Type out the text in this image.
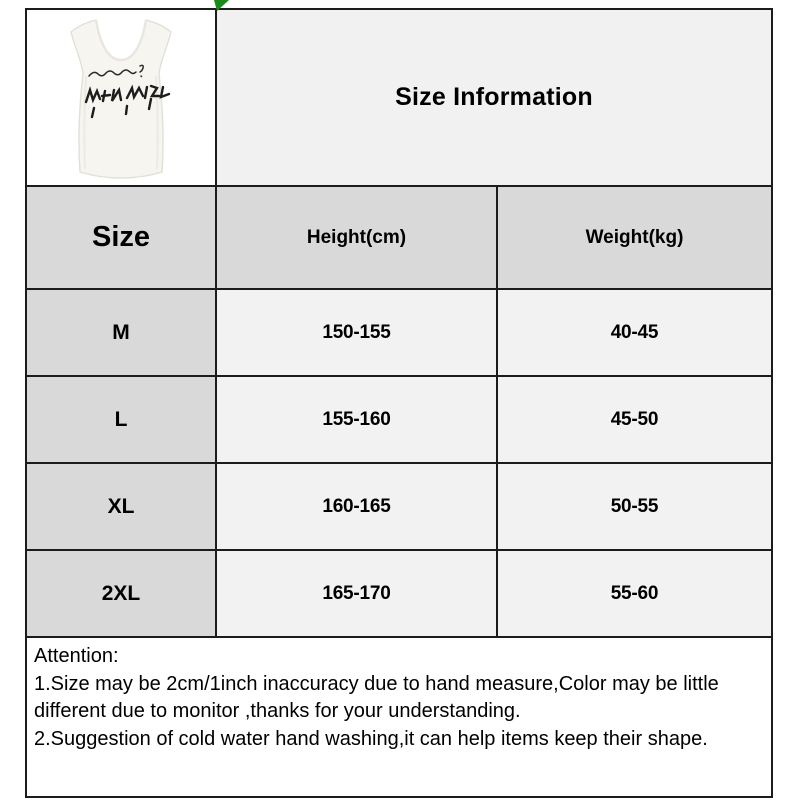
Size Information
Size	Height(cm)	Weight(kg)
M	150-155	40-45
L	155-160	45-50
XL	160-165	50-55
2XL	165-170	55-60
Attention:
1.Size may be 2cm/1inch inaccuracy due to hand measure,Color may be little
different due to monitor ,thanks for your understanding.
2.Suggestion of cold water hand washing,it can help items keep their shape.
